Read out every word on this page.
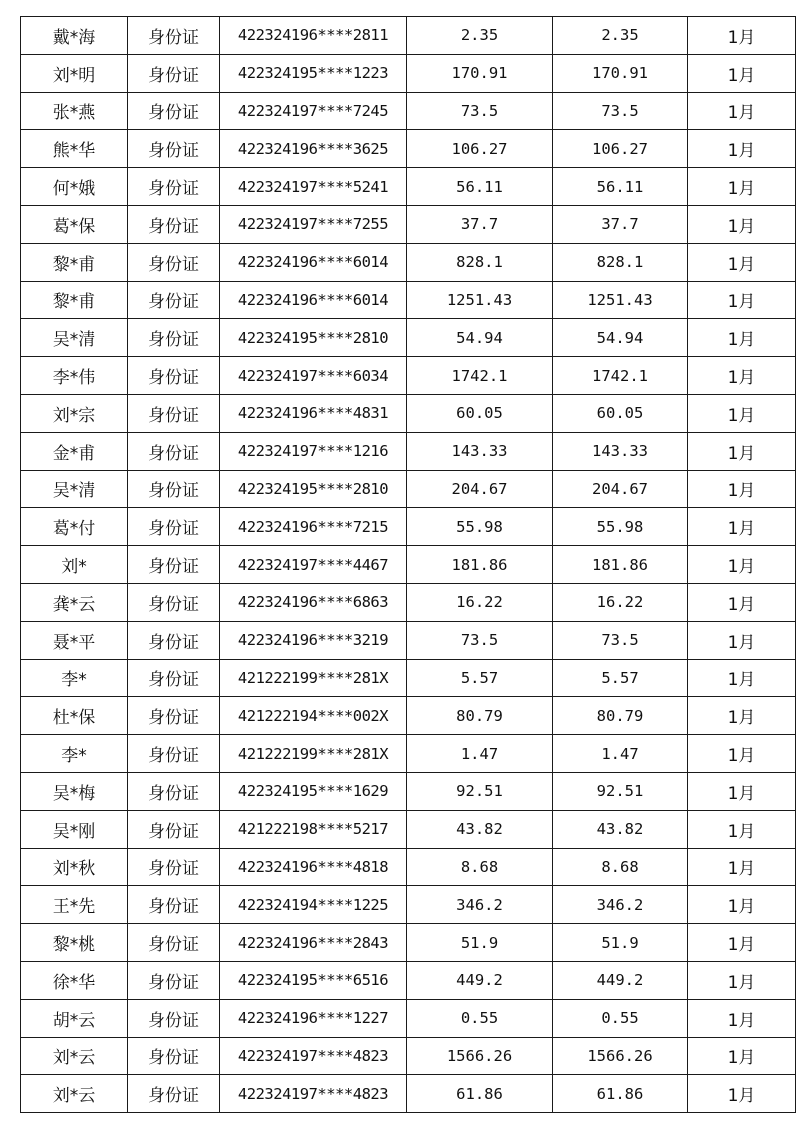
戴*海	身份证	422324196****2811	2.35	2.35	1月
刘*明	身份证	422324195****1223	170.91	170.91	1月
张*燕	身份证	422324197****7245	73.5	73.5	1月
熊*华	身份证	422324196****3625	106.27	106.27	1月
何*娥	身份证	422324197****5241	56.11	56.11	1月
葛*保	身份证	422324197****7255	37.7	37.7	1月
黎*甫	身份证	422324196****6014	828.1	828.1	1月
黎*甫	身份证	422324196****6014	1251.43	1251.43	1月
吴*清	身份证	422324195****2810	54.94	54.94	1月
李*伟	身份证	422324197****6034	1742.1	1742.1	1月
刘*宗	身份证	422324196****4831	60.05	60.05	1月
金*甫	身份证	422324197****1216	143.33	143.33	1月
吴*清	身份证	422324195****2810	204.67	204.67	1月
葛*付	身份证	422324196****7215	55.98	55.98	1月
刘*	身份证	422324197****4467	181.86	181.86	1月
龚*云	身份证	422324196****6863	16.22	16.22	1月
聂*平	身份证	422324196****3219	73.5	73.5	1月
李*	身份证	421222199****281X	5.57	5.57	1月
杜*保	身份证	421222194****002X	80.79	80.79	1月
李*	身份证	421222199****281X	1.47	1.47	1月
吴*梅	身份证	422324195****1629	92.51	92.51	1月
吴*刚	身份证	421222198****5217	43.82	43.82	1月
刘*秋	身份证	422324196****4818	8.68	8.68	1月
王*先	身份证	422324194****1225	346.2	346.2	1月
黎*桃	身份证	422324196****2843	51.9	51.9	1月
徐*华	身份证	422324195****6516	449.2	449.2	1月
胡*云	身份证	422324196****1227	0.55	0.55	1月
刘*云	身份证	422324197****4823	1566.26	1566.26	1月
刘*云	身份证	422324197****4823	61.86	61.86	1月
